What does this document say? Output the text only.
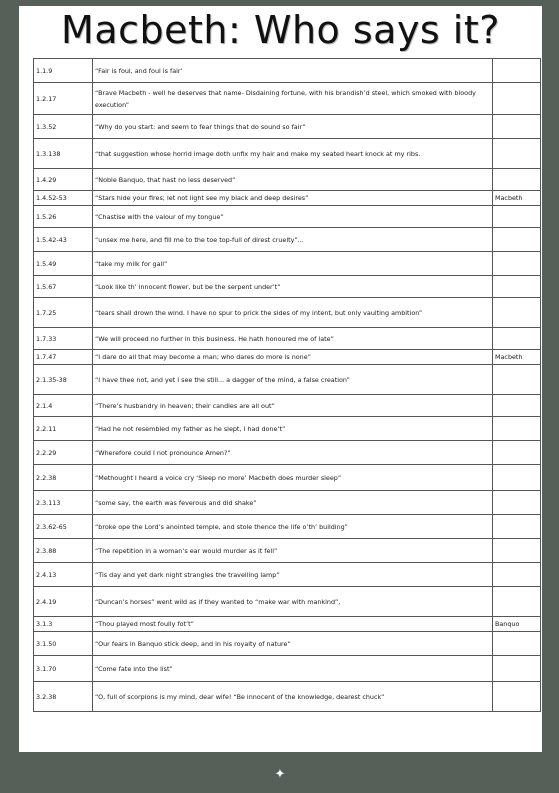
Macbeth: Who says it?
1.1.9	“Fair is foul, and foul is fair’	
1.2.17	“Brave Macbeth - well he deserves that name- Disdaining fortune, with his brandish’d steel, which smoked with bloody execution”	
1.3.52	“Why do you start: and seem to fear things that do sound so fair”	
1.3.138	“that suggestion whose horrid image doth unfix my hair and make my seated heart knock at my ribs.	
1.4.29	“Noble Banquo, that hast no less deserved”	
1.4.52-53	“Stars hide your fires; let not light see my black and deep desires”	Macbeth
1.5.26	“Chastise with the valour of my tongue”	
1.5.42-43	“unsex me here, and fill me to the toe top-full of direst cruelty”...	
1.5.49	“take my milk for gall”	
1.5.67	“Look like th’ innocent flower, but be the serpent under’t”	
1.7.25	“tears shall drown the wind. I have no spur to prick the sides of my intent, but only vaulting ambition”	
1.7.33	“We will proceed no further in this business. He hath honoured me of late”	
1.7.47	“I dare do all that may become a man; who dares do more is none”	Macbeth
2.1.35-38	“I have thee not, and yet I see the still... a dagger of the mind, a false creation”	
2.1.4	“There’s husbandry in heaven; their candles are all out”	
2.2.11	“Had he not resembled my father as he slept, I had done’t”	
2.2.29	“Wherefore could I not pronounce Amen?”	
2.2.38	“Methought I heard a voice cry ‘Sleep no more’ Macbeth does murder sleep”	
2.3.113	“some say, the earth was feverous and did shake”	
2.3.62-65	“broke ope the Lord’s anointed temple, and stole thence the life o’th’ building”	
2.3.88	“The repetition in a woman’s ear would murder as it fell”	
2.4.13	“Tis day and yet dark night strangles the travelling lamp”	
2.4.19	“Duncan’s horses” went wild as if they wanted to “make war with mankind”,	
3.1.3	“Thou played most foully fot’t”	Banquo
3.1.50	“Our fears in Banquo stick deep, and in his royalty of nature”	
3.1.70	“Come fate into the list”	
3.2.38	“O, full of scorpions is my mind, dear wife! “Be innocent of the knowledge, dearest chuck”	
✦
